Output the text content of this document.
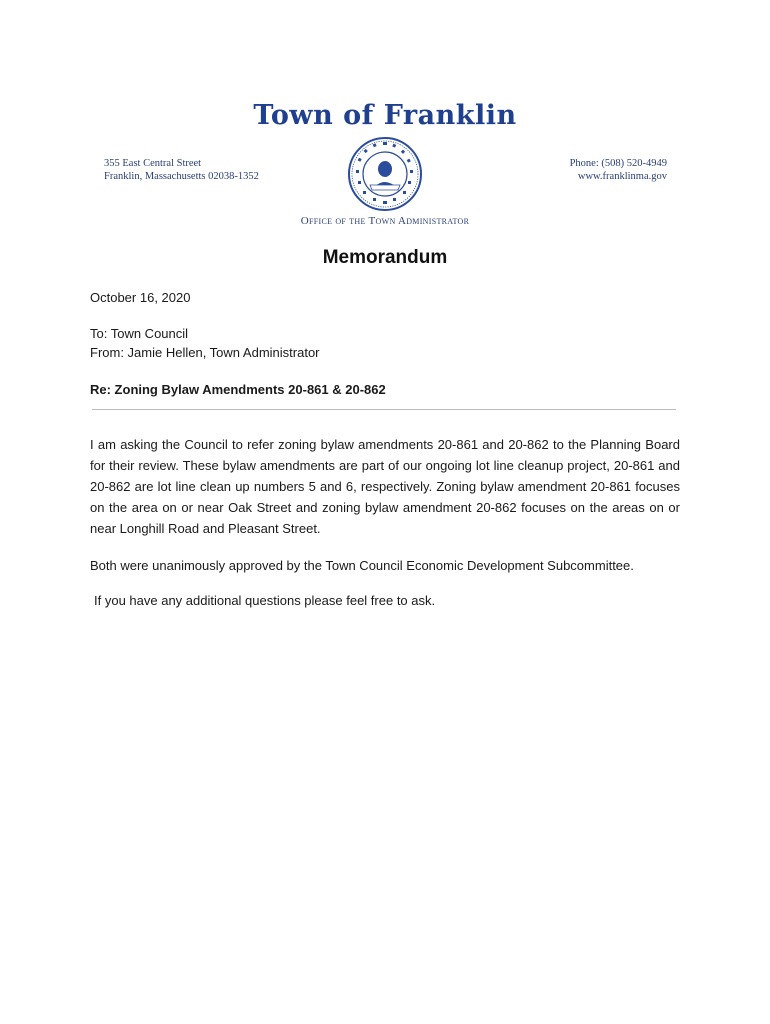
Town of Franklin
355 East Central Street
Franklin, Massachusetts 02038-1352
Phone: (508) 520-4949
www.franklinma.gov
Office of the Town Administrator
Memorandum
October 16, 2020
To: Town Council
From: Jamie Hellen, Town Administrator
Re: Zoning Bylaw Amendments 20-861 & 20-862
I am asking the Council to refer zoning bylaw amendments 20-861 and 20-862 to the Planning Board for their review. These bylaw amendments are part of our ongoing lot line cleanup project, 20-861 and 20-862 are lot line clean up numbers 5 and 6, respectively. Zoning bylaw amendment 20-861 focuses on the area on or near Oak Street and zoning bylaw amendment 20-862 focuses on the areas on or near Longhill Road and Pleasant Street.
Both were unanimously approved by the Town Council Economic Development Subcommittee.
If you have any additional questions please feel free to ask.
